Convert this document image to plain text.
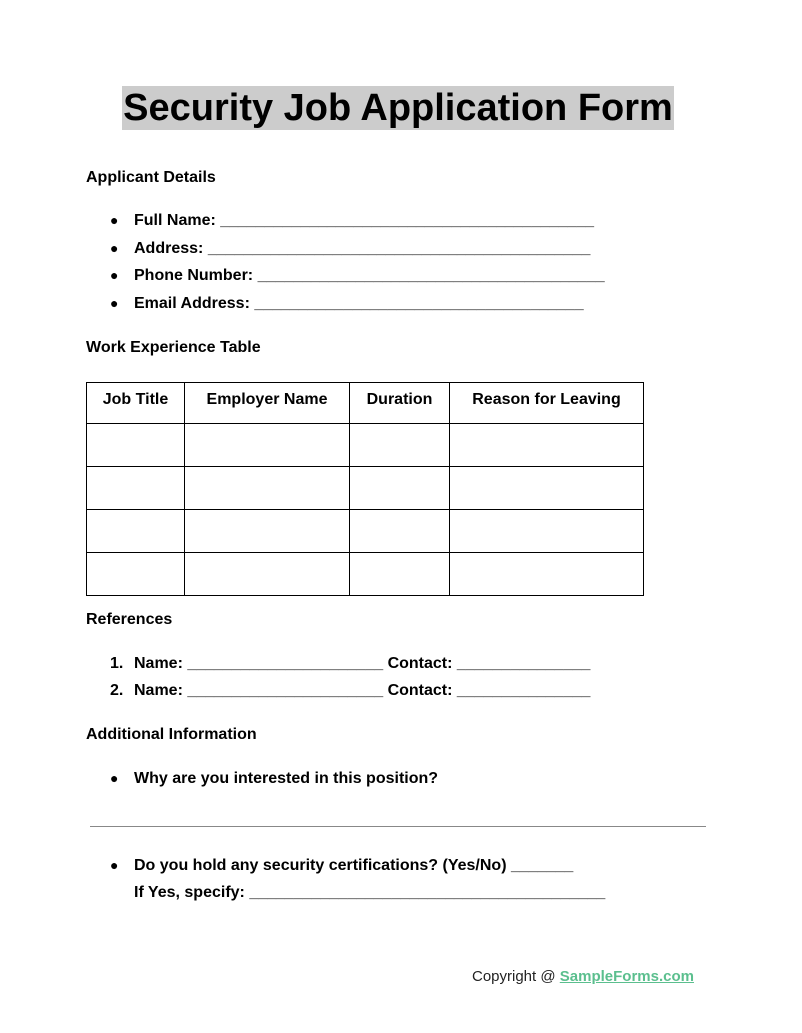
Security Job Application Form
Applicant Details
● Full Name: __________________________________________
● Address: ___________________________________________
● Phone Number: _______________________________________
● Email Address: _____________________________________
Work Experience Table
Job Title	Employer Name	Duration	Reason for Leaving

References
1. Name: ______________________ Contact: _______________
2. Name: ______________________ Contact: _______________
Additional Information
● Why are you interested in this position?
● Do you hold any security certifications? (Yes/No) _______
If Yes, specify: ________________________________________
Copyright @ SampleForms.com
